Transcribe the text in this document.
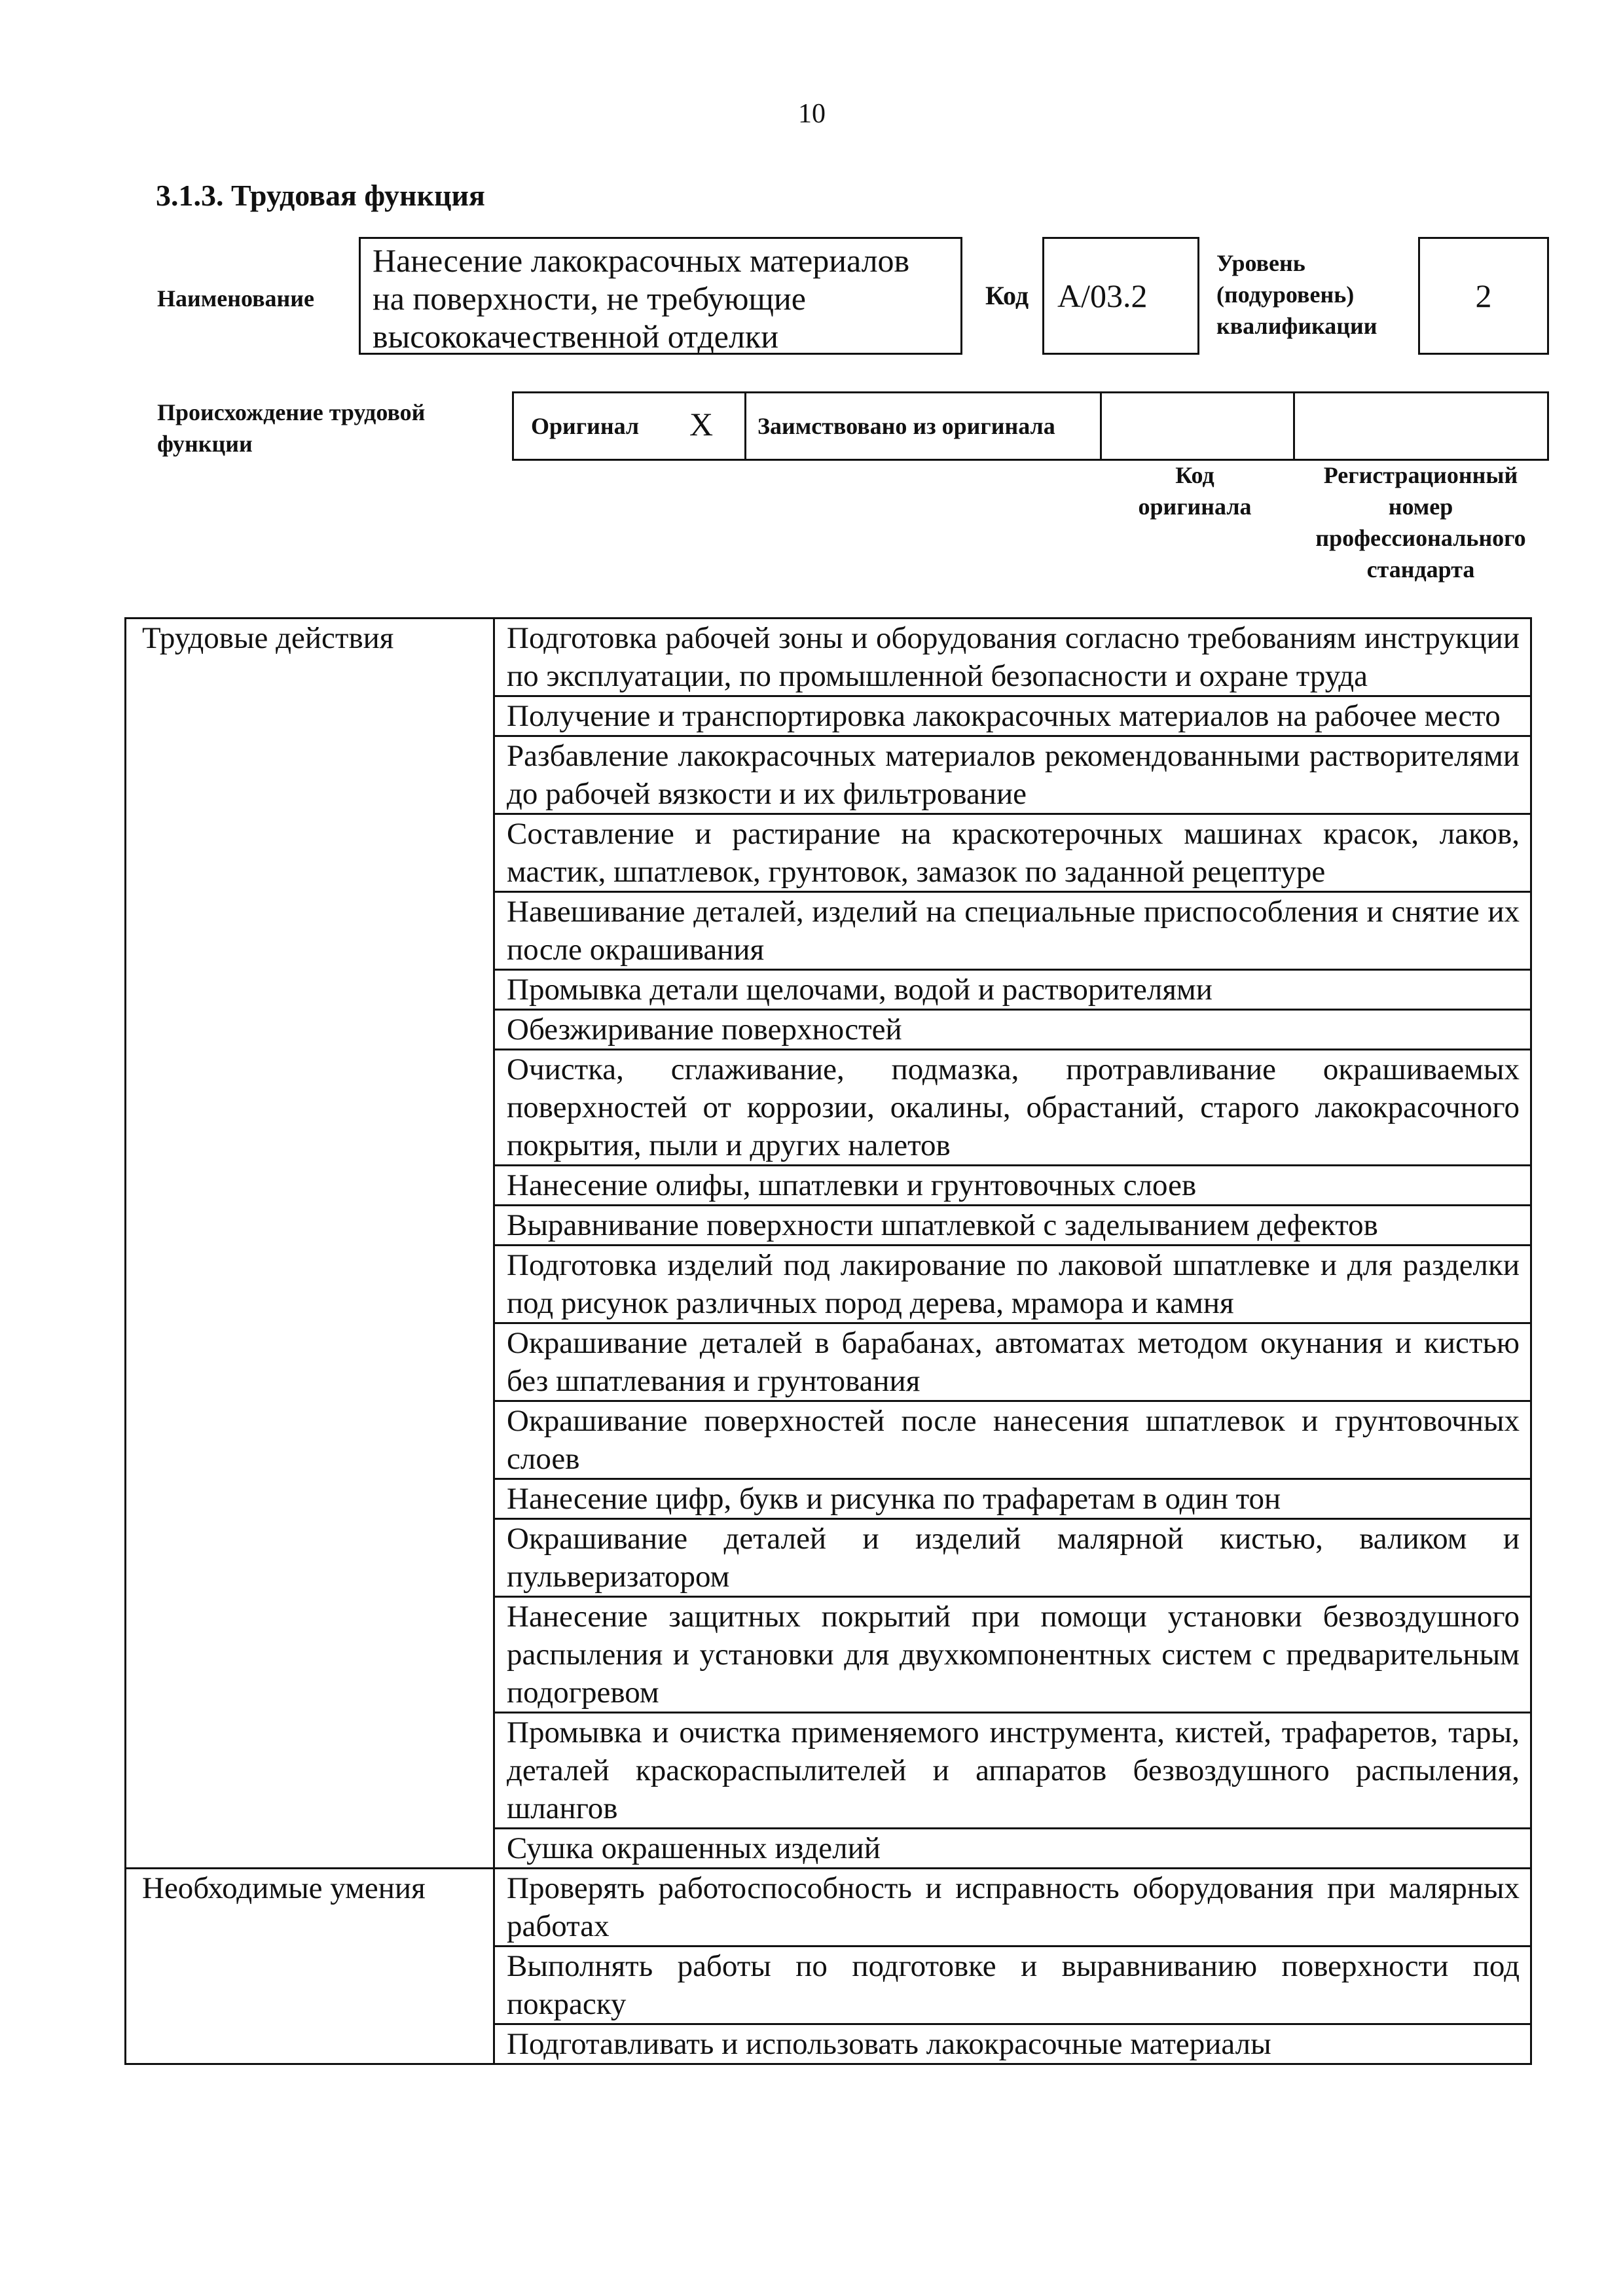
10
3.1.3. Трудовая функция
Наименование
Нанесение лакокрасочных материалов
на поверхности, не требующие
высококачественной отделки
Код А/03.2
Уровень
(подуровень)
квалификации
2
Происхождение трудовой
функции
Оригинал X Заимствовано из оригинала
Код
оригинала
Регистрационный
номер
профессионального
стандарта
Трудовые действия	Подготовка рабочей зоны и оборудования согласно требованиям инструкции по эксплуатации, по промышленной безопасности и охране труда
	Получение и транспортировка лакокрасочных материалов на рабочее место
	Разбавление лакокрасочных материалов рекомендованными растворителями до рабочей вязкости и их фильтрование
	Составление и растирание на краскотерочных машинах красок, лаков, мастик, шпатлевок, грунтовок, замазок по заданной рецептуре
	Навешивание деталей, изделий на специальные приспособления и снятие их после окрашивания
	Промывка детали щелочами, водой и растворителями
	Обезжиривание поверхностей
	Очистка, сглаживание, подмазка, протравливание окрашиваемых поверхностей от коррозии, окалины, обрастаний, старого лакокрасочного покрытия, пыли и других налетов
	Нанесение олифы, шпатлевки и грунтовочных слоев
	Выравнивание поверхности шпатлевкой с заделыванием дефектов
	Подготовка изделий под лакирование по лаковой шпатлевке и для разделки под рисунок различных пород дерева, мрамора и камня
	Окрашивание деталей в барабанах, автоматах методом окунания и кистью без шпатлевания и грунтования
	Окрашивание поверхностей после нанесения шпатлевок и грунтовочных слоев
	Нанесение цифр, букв и рисунка по трафаретам в один тон
	Окрашивание деталей и изделий малярной кистью, валиком и пульверизатором
	Нанесение защитных покрытий при помощи установки безвоздушного распыления и установки для двухкомпонентных систем с предварительным подогревом
	Промывка и очистка применяемого инструмента, кистей, трафаретов, тары, деталей краскораспылителей и аппаратов безвоздушного распыления, шлангов
	Сушка окрашенных изделий
Необходимые умения	Проверять работоспособность и исправность оборудования при малярных работах
	Выполнять работы по подготовке и выравниванию поверхности под покраску
	Подготавливать и использовать лакокрасочные материалы
